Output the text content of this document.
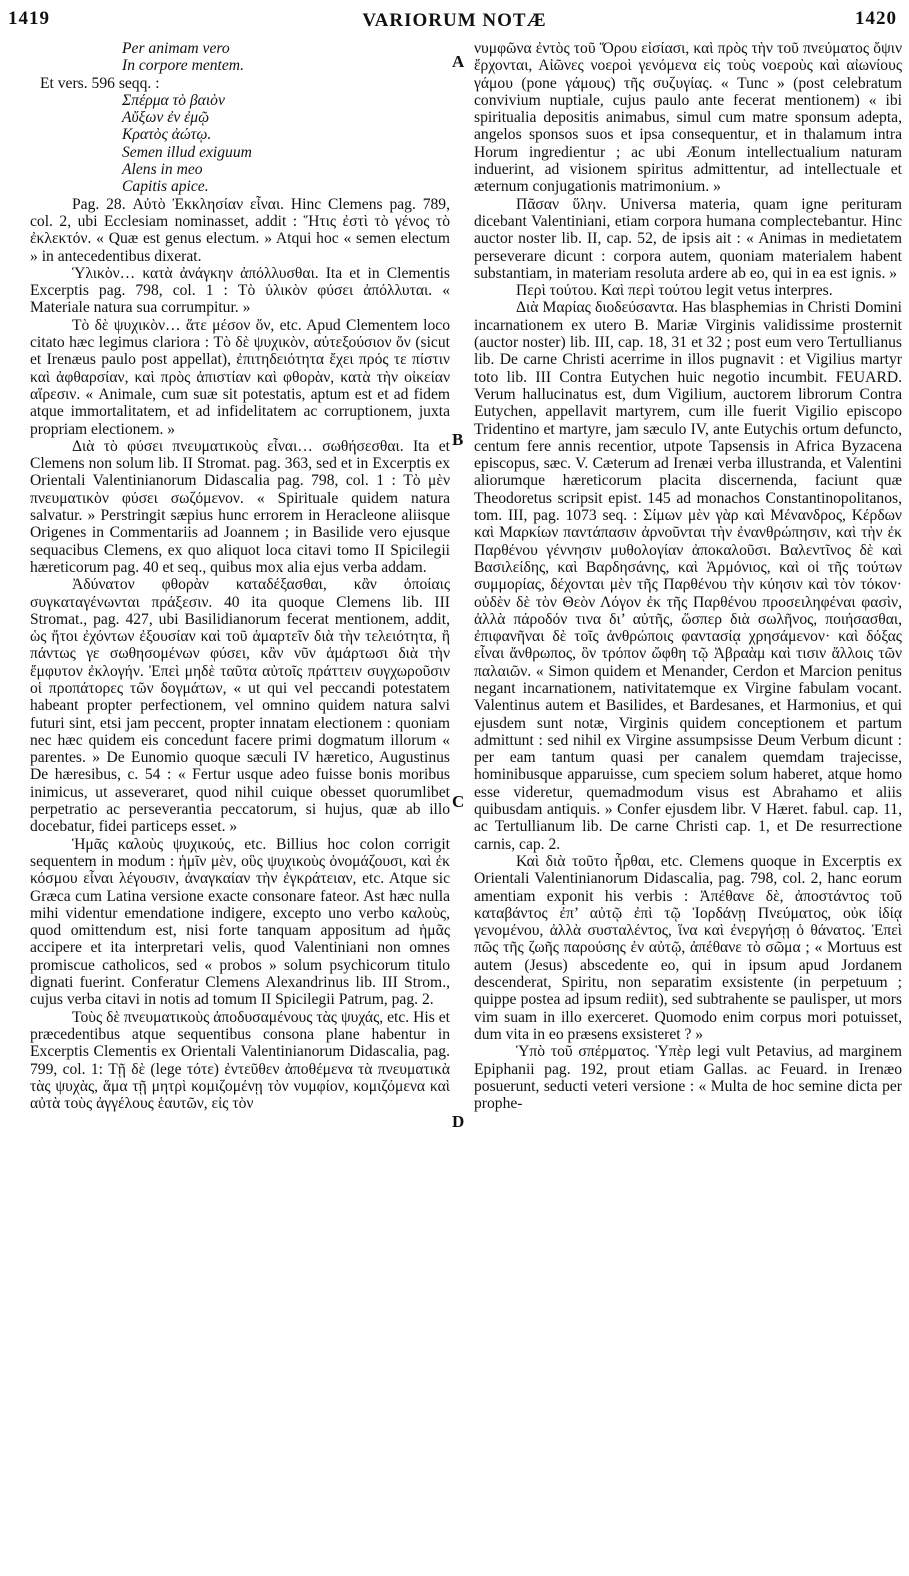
1419	VARIORUM NOTÆ	1420
A
B
C
D
Per animam vero
In corpore mentem.

Et vers. 596 seqq. :

Σπέρμα τὸ βαιὸν
Αὔξων ἐν ἐμῷ
Κρατὸς ἀώτῳ.
Semen illud exiguum
Alens in meo
Capitis apice.

Pag. 28. Αὐτὸ Ἐκκλησίαν εἶναι. Hinc Clemens pag. 789, col. 2, ubi Ecclesiam nominasset, addit : Ἥτις ἐστὶ τὸ γένος τὸ ἐκλεκτόν. « Quæ est genus electum. » Atqui hoc « semen electum » in antecedentibus dixerat.

Ὑλικὸν… κατὰ ἀνάγκην ἀπόλλυσθαι. Ita et in Clementis Excerptis pag. 798, col. 1 : Τὸ ὑλικὸν φύσει ἀπόλλυται. « Materiale natura sua corrumpitur. »

Τὸ δὲ ψυχικὸν… ἅτε μέσον ὄν, etc. Apud Clementem loco citato hæc legimus clariora : Τὸ δὲ ψυχικὸν, αὐτεξούσιον ὄν (sicut et Irenæus paulo post appellat), ἐπιτηδειότητα ἔχει πρός τε πίστιν καὶ ἀφθαρσίαν, καὶ πρὸς ἀπιστίαν καὶ φθορὰν, κατὰ τὴν οἰκείαν αἵρεσιν. « Animale, cum suæ sit potestatis, aptum est et ad fidem atque immortalitatem, et ad infidelitatem ac corruptionem, juxta propriam electionem. »

Διὰ τὸ φύσει πνευματικοὺς εἶναι… σωθήσεσθαι. Ita et Clemens non solum lib. II Stromat. pag. 363, sed et in Excerptis ex Orientali Valentinianorum Didascalia pag. 798, col. 1 : Τὸ μὲν πνευματικὸν φύσει σωζόμενον. « Spirituale quidem natura salvatur. » Perstringit sæpius hunc errorem in Heracleone aliisque Origenes in Commentariis ad Joannem ; in Basilide vero ejusque sequacibus Clemens, ex quo aliquot loca citavi tomo II Spicilegii hæreticorum pag. 40 et seq., quibus mox alia ejus verba addam.

Ἀδύνατον φθορὰν καταδέξασθαι, κἂν ὁποίαις συγκαταγένωνται πράξεσιν. 40 ita quoque Clemens lib. III Stromat., pag. 427, ubi Basilidianorum fecerat mentionem, addit, ὡς ἤτοι ἐχόντων ἐξουσίαν καὶ τοῦ ἁμαρτεῖν διὰ τὴν τελειότητα, ἢ πάντως γε σωθησομένων φύσει, κἂν νῦν ἁμάρτωσι διὰ τὴν ἔμφυτον ἐκλογήν. Ἐπεὶ μηδὲ ταῦτα αὐτοῖς πράττειν συγχωροῦσιν οἱ προπάτορες τῶν δογμάτων, « ut qui vel peccandi potestatem habeant propter perfectionem, vel omnino quidem natura salvi futuri sint, etsi jam peccent, propter innatam electionem : quoniam nec hæc quidem eis concedunt facere primi dogmatum illorum « parentes. » De Eunomio quoque sæculi IV hæretico, Augustinus De hæresibus, c. 54 : « Fertur usque adeo fuisse bonis moribus inimicus, ut asseveraret, quod nihil cuique obesset quorumlibet perpetratio ac perseverantia peccatorum, si hujus, quæ ab illo docebatur, fidei particeps esset. »

Ἡμᾶς καλοὺς ψυχικούς, etc. Billius hoc colon corrigit sequentem in modum : ἡμῖν μὲν, οὓς ψυχικοὺς ὀνομάζουσι, καὶ ἐκ κόσμου εἶναι λέγουσιν, ἀναγκαίαν τὴν ἐγκράτειαν, etc. Atque sic Græca cum Latina versione exacte consonare fateor. Ast hæc nulla mihi videntur emendatione indigere, excepto uno verbo καλοὺς, quod omittendum est, nisi forte tanquam appositum ad ἡμᾶς accipere et ita interpretari velis, quod Valentiniani non omnes promiscue catholicos, sed « probos » solum psychicorum titulo dignati fuerint. Conferatur Clemens Alexandrinus lib. III Strom., cujus verba citavi in notis ad tomum II Spicilegii Patrum, pag. 2.

Τοὺς δὲ πνευματικοὺς ἀποδυσαμένους τὰς ψυχάς, etc. His et præcedentibus atque sequentibus consona plane habentur in Excerptis Clementis ex Orientali Valentinianorum Didascalia, pag. 799, col. 1: Τῇ δὲ (lege τότε) ἐντεῦθεν ἀποθέμενα τὰ πνευματικὰ τὰς ψυχὰς, ἅμα τῇ μητρὶ κομιζομένῃ τὸν νυμφίον, κομιζόμενα καὶ αὐτὰ τοὺς ἀγγέλους ἑαυτῶν, εἰς τὸν

νυμφῶνα ἐντὸς τοῦ Ὅρου εἰσίασι, καὶ πρὸς τὴν τοῦ πνεύματος ὄψιν ἔρχονται, Αἰῶνες νοεροὶ γενόμενα εἰς τοὺς νοεροὺς καὶ αἰωνίους γάμου (pone γάμους) τῆς συζυγίας. « Tunc » (post celebratum convivium nuptiale, cujus paulo ante fecerat mentionem) « ibi spiritualia depositis animabus, simul cum matre sponsum adepta, angelos sponsos suos et ipsa consequentur, et in thalamum intra Horum ingredientur ; ac ubi Æonum intellectualium naturam induerint, ad visionem spiritus admittentur, ad intellectuale et æternum conjugationis matrimonium. »

Πᾶσαν ὕλην. Universa materia, quam igne perituram dicebant Valentiniani, etiam corpora humana complectebantur. Hinc auctor noster lib. II, cap. 52, de ipsis ait : « Animas in medietatem perseverare dicunt : corpora autem, quoniam materialem habent substantiam, in materiam resoluta ardere ab eo, qui in ea est ignis. »

Περὶ τούτου. Καὶ περὶ τούτου legit vetus interpres.

Διὰ Μαρίας διοδεύσαντα. Has blasphemias in Christi Domini incarnationem ex utero B. Mariæ Virginis validissime prosternit (auctor noster) lib. III, cap. 18, 31 et 32 ; post eum vero Tertullianus lib. De carne Christi acerrime in illos pugnavit : et Vigilius martyr toto lib. III Contra Eutychen huic negotio incumbit. FEUARD. Verum hallucinatus est, dum Vigilium, auctorem librorum Contra Eutychen, appellavit martyrem, cum ille fuerit Vigilio episcopo Tridentino et martyre, jam sæculo IV, ante Eutychis ortum defuncto, centum fere annis recentior, utpote Tapsensis in Africa Byzacena episcopus, sæc. V. Cæterum ad Irenæi verba illustranda, et Valentini aliorumque hæreticorum placita discernenda, faciunt quæ Theodoretus scripsit epist. 145 ad monachos Constantinopolitanos, tom. III, pag. 1073 seq. : Σίμων μὲν γὰρ καὶ Μένανδρος, Κέρδων καὶ Μαρκίων παντάπασιν ἀρνοῦνται τὴν ἐνανθρώπησιν, καὶ τὴν ἐκ Παρθένου γέννησιν μυθολογίαν ἀποκαλοῦσι. Βαλεντῖνος δὲ καὶ Βασιλείδης, καὶ Βαρδησάνης, καὶ Ἁρμόνιος, καὶ οἱ τῆς τούτων συμμορίας, δέχονται μὲν τῆς Παρθένου τὴν κύησιν καὶ τὸν τόκον· οὐδὲν δὲ τὸν Θεὸν Λόγον ἐκ τῆς Παρθένου προσειληφέναι φασὶν, ἀλλὰ πάροδόν τινα δι’ αὐτῆς, ὥσπερ διὰ σωλῆνος, ποιήσασθαι, ἐπιφανῆναι δὲ τοῖς ἀνθρώποις φαντασίᾳ χρησάμενον· καὶ δόξας εἶναι ἄνθρωπος, ὃν τρόπον ὤφθη τῷ Ἀβραὰμ καὶ τισιν ἄλλοις τῶν παλαιῶν. « Simon quidem et Menander, Cerdon et Marcion penitus negant incarnationem, nativitatemque ex Virgine fabulam vocant. Valentinus autem et Basilides, et Bardesanes, et Harmonius, et qui ejusdem sunt notæ, Virginis quidem conceptionem et partum admittunt : sed nihil ex Virgine assumpsisse Deum Verbum dicunt : per eam tantum quasi per canalem quemdam trajecisse, hominibusque apparuisse, cum speciem solum haberet, atque homo esse videretur, quemadmodum visus est Abrahamo et aliis quibusdam antiquis. » Confer ejusdem libr. V Hæret. fabul. cap. 11, ac Tertullianum lib. De carne Christi cap. 1, et De resurrectione carnis, cap. 2.

Καὶ διὰ τοῦτο ἦρθαι, etc. Clemens quoque in Excerptis ex Orientali Valentinianorum Didascalia, pag. 798, col. 2, hanc eorum amentiam exponit his verbis : Ἀπέθανε δὲ, ἀποστάντος τοῦ καταβάντος ἐπ’ αὐτῷ ἐπὶ τῷ Ἰορδάνῃ Πνεύματος, οὐκ ἰδίᾳ γενομένου, ἀλλὰ συσταλέντος, ἵνα καὶ ἐνεργήσῃ ὁ θάνατος. Ἐπεὶ πῶς τῆς ζωῆς παρούσης ἐν αὐτῷ, ἀπέθανε τὸ σῶμα ; « Mortuus est autem (Jesus) abscedente eo, qui in ipsum apud Jordanem descenderat, Spiritu, non separatim exsistente (in perpetuum ; quippe postea ad ipsum rediit), sed subtrahente se paulisper, ut mors vim suam in illo exerceret. Quomodo enim corpus mori potuisset, dum vita in eo præsens exsisteret ? »

Ὑπὸ τοῦ σπέρματος. Ὑπὲρ legi vult Petavius, ad marginem Epiphanii pag. 192, prout etiam Gallas. ac Feuard. in Irenæo posuerunt, seducti veteri versione : « Multa de hoc semine dicta per prophe-
